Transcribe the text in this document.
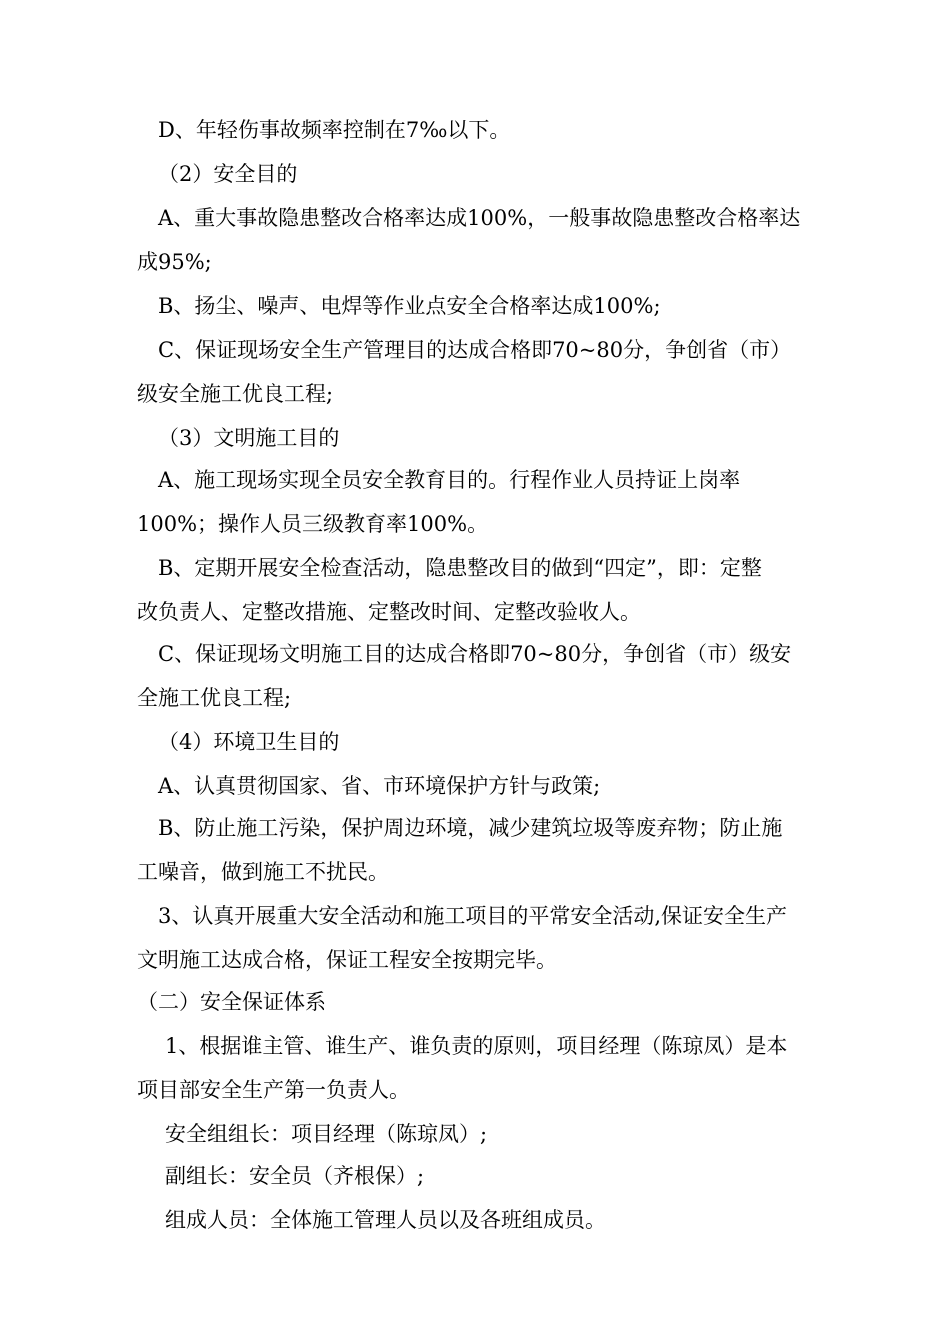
D、年轻伤事故频率控制在7‰以下。
（2）安全目的
A、重大事故隐患整改合格率达成100%，一般事故隐患整改合格率达
成95%;
B、扬尘、噪声、电焊等作业点安全合格率达成100%;
C、保证现场安全生产管理目的达成合格即70~80分，争创省（市）
级安全施工优良工程;
（3）文明施工目的
A、施工现场实现全员安全教育目的。行程作业人员持证上岗率
100%；操作人员三级教育率100%。
B、定期开展安全检查活动，隐患整改目的做到“四定”，即：定整
改负责人、定整改措施、定整改时间、定整改验收人。
C、保证现场文明施工目的达成合格即70~80分，争创省（市）级安
全施工优良工程;
（4）环境卫生目的
A、认真贯彻国家、省、市环境保护方针与政策;
B、防止施工污染，保护周边环境，减少建筑垃圾等废弃物；防止施
工噪音，做到施工不扰民。
3、认真开展重大安全活动和施工项目的平常安全活动,保证安全生产
文明施工达成合格，保证工程安全按期完毕。
（二）安全保证体系
1、根据谁主管、谁生产、谁负责的原则，项目经理（陈琼凤）是本
项目部安全生产第一负责人。
安全组组长：项目经理（陈琼凤）;
副组长：安全员（齐根保）;
组成人员：全体施工管理人员以及各班组成员。
